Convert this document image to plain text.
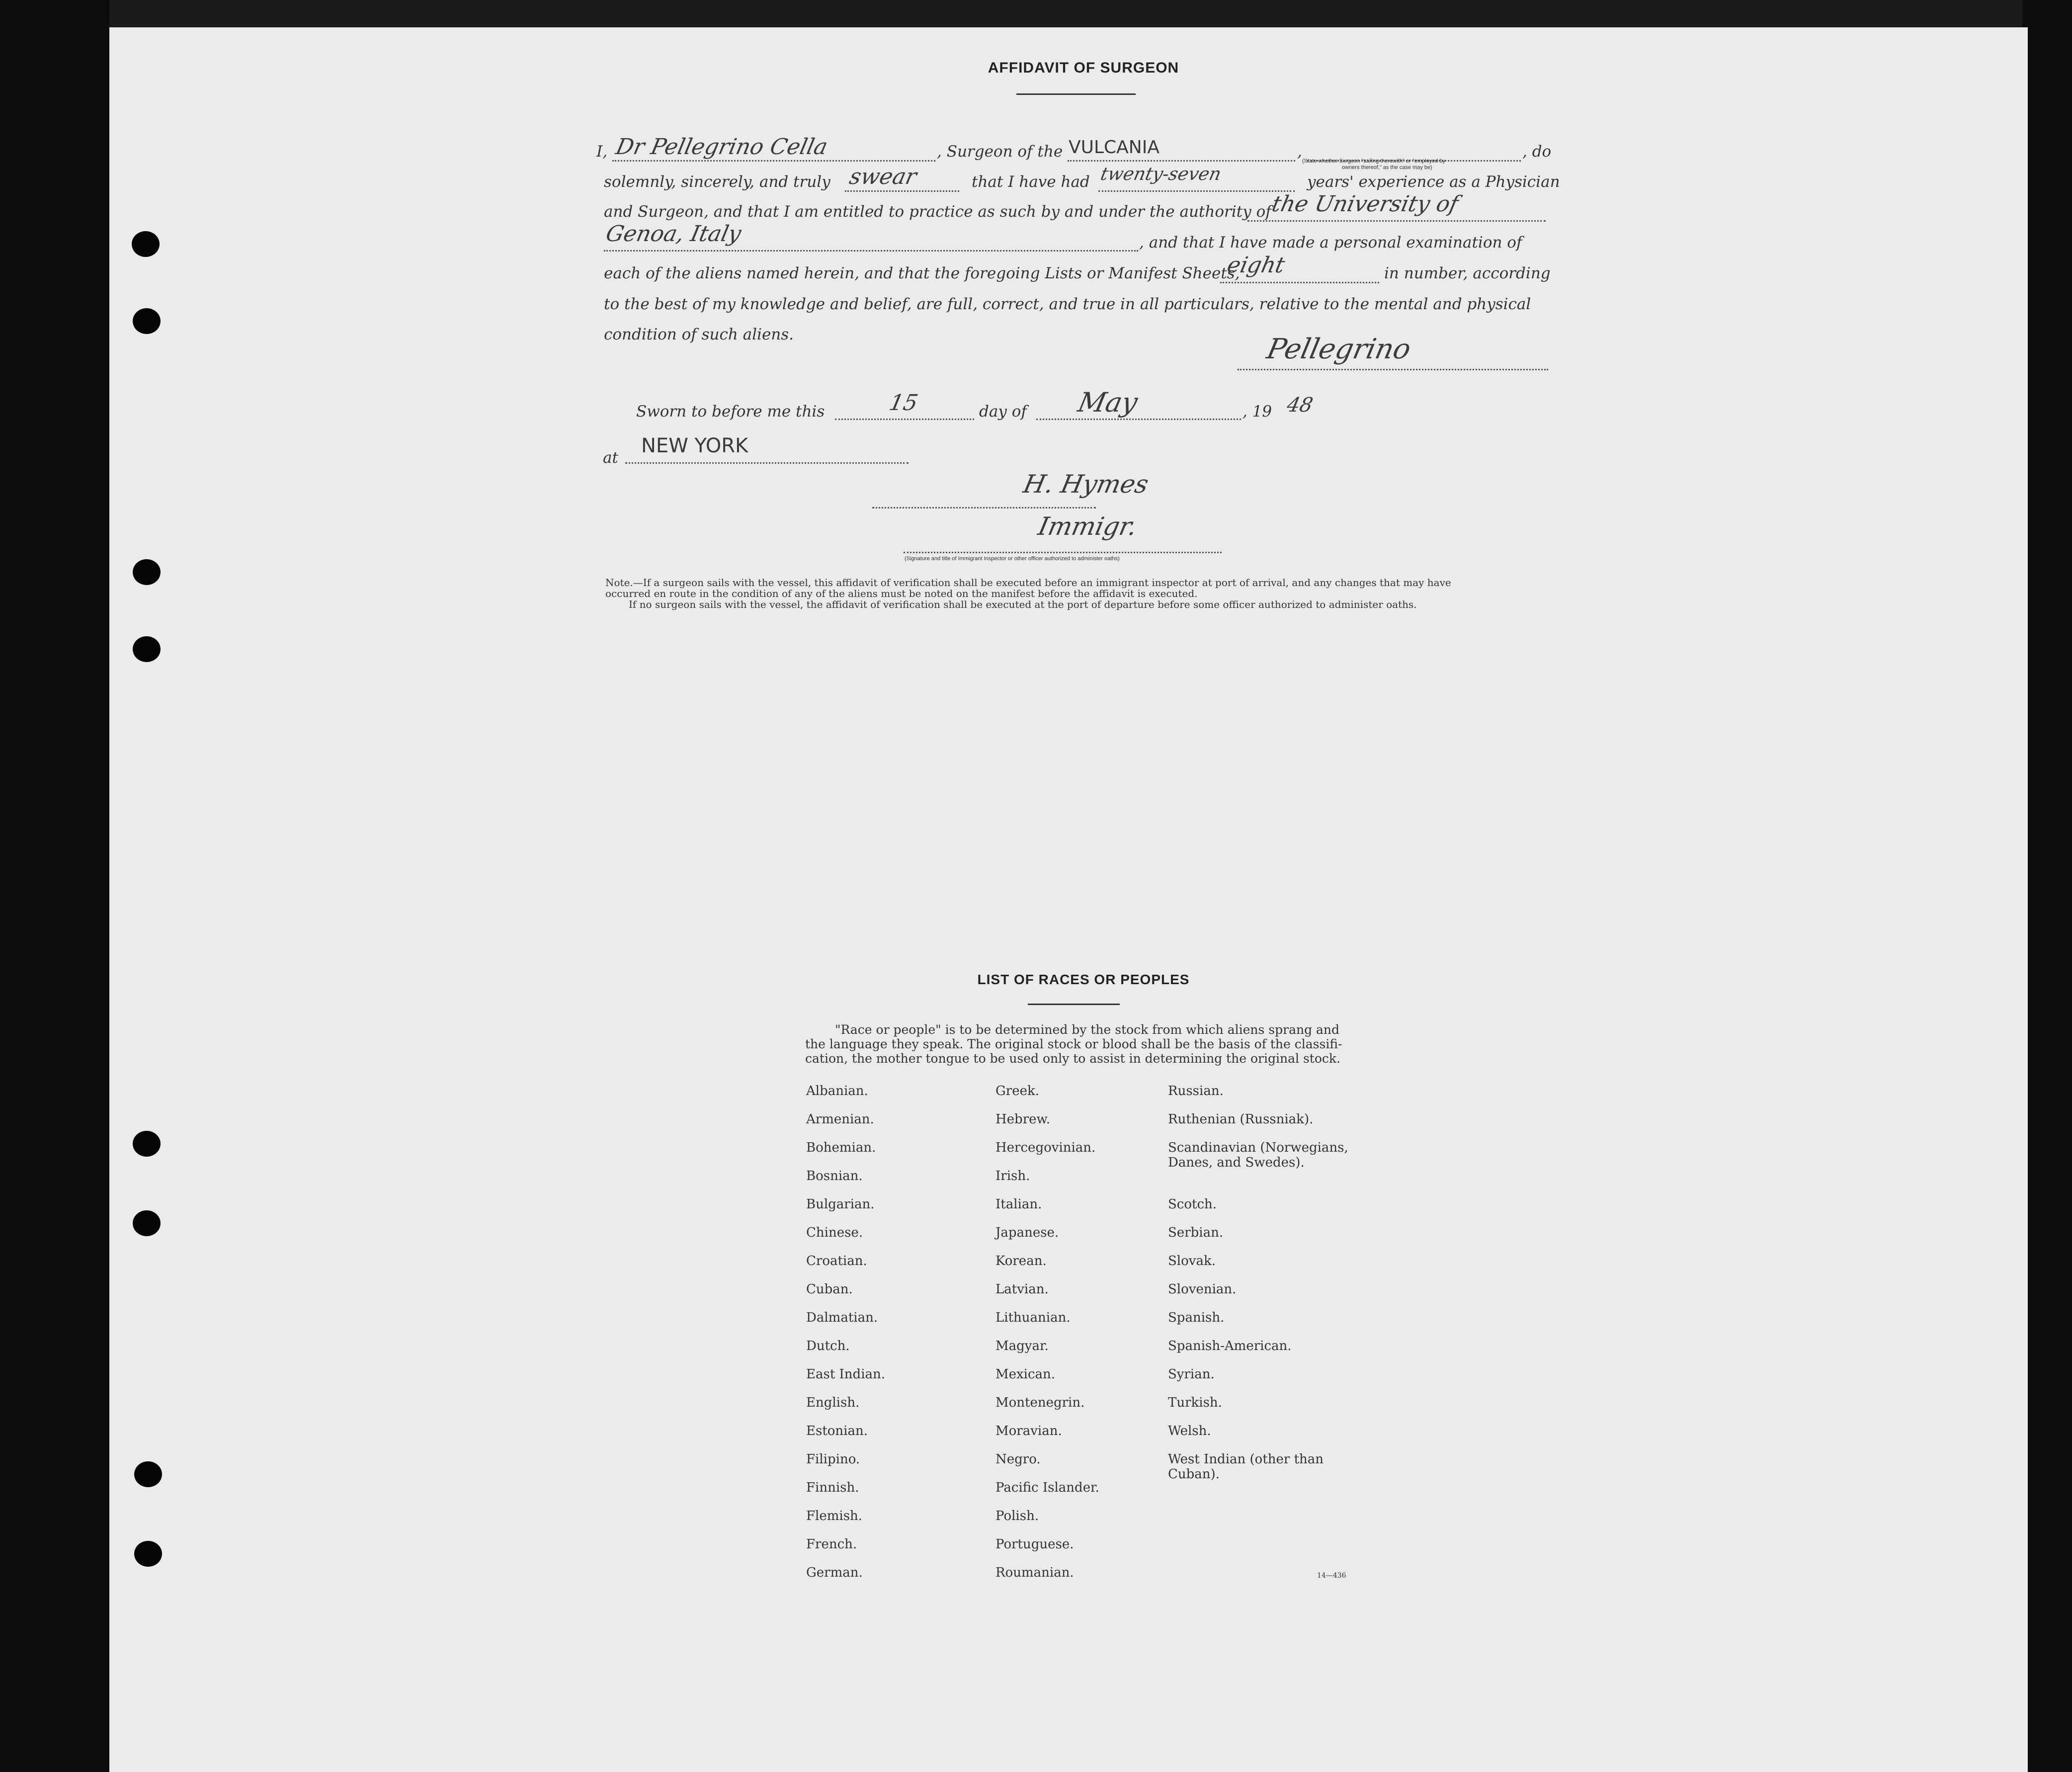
AFFIDAVIT OF SURGEON
I, Dr Pellegrino Cella	, Surgeon of the VULCANIA	,
(State whether Surgeon "sailing therewith" or "employed by
owners thereof," as the case may be)
, do
solemnly, sincerely, and truly swear	that I have had twenty-seven	years' experience as a Physician
and Surgeon, and that I am entitled to practice as such by and under the authority of
the University of
Genoa, Italy	, and that I have made a personal examination of
each of the aliens named herein, and that the foregoing Lists or Manifest Sheets,
eight	in number, according
to the best of my knowledge and belief, are full, correct, and true in all particulars, relative to the mental and physical
condition of such aliens.	Pellegrino
Sworn to before me this	15	day of May	, 19 48
at
NEW YORK
H. Hymes
Immigr.
(Signature and title of Immigrant Inspector or other officer authorized to administer oaths)
Note.—If a surgeon sails with the vessel, this affidavit of verification shall be executed before an immigrant inspector at port of arrival, and any changes that may have
occurred en route in the condition of any of the aliens must be noted on the manifest before the affidavit is executed.
If no surgeon sails with the vessel, the affidavit of verification shall be executed at the port of departure before some officer authorized to administer oaths.
LIST OF RACES OR PEOPLES
"Race or people" is to be determined by the stock from which aliens sprang and
the language they speak. The original stock or blood shall be the basis of the classifi-
cation, the mother tongue to be used only to assist in determining the original stock.
Albanian.
Armenian.
Bohemian.
Bosnian.
Bulgarian.
Chinese.
Croatian.
Cuban.
Dalmatian.
Dutch.
East Indian.
English.
Estonian.
Filipino.
Finnish.
Flemish.
French.
German.
Greek.
Hebrew.
Hercegovinian.
Irish.
Italian.
Japanese.
Korean.
Latvian.
Lithuanian.
Magyar.
Mexican.
Montenegrin.
Moravian.
Negro.
Pacific Islander.
Polish.
Portuguese.
Roumanian.
Russian.
Ruthenian (Russniak).
Scandinavian (Norwegians, Danes, and Swedes).
Scotch.
Serbian.
Slovak.
Slovenian.
Spanish.
Spanish-American.
Syrian.
Turkish.
Welsh.
West Indian (other than Cuban).
14—436
